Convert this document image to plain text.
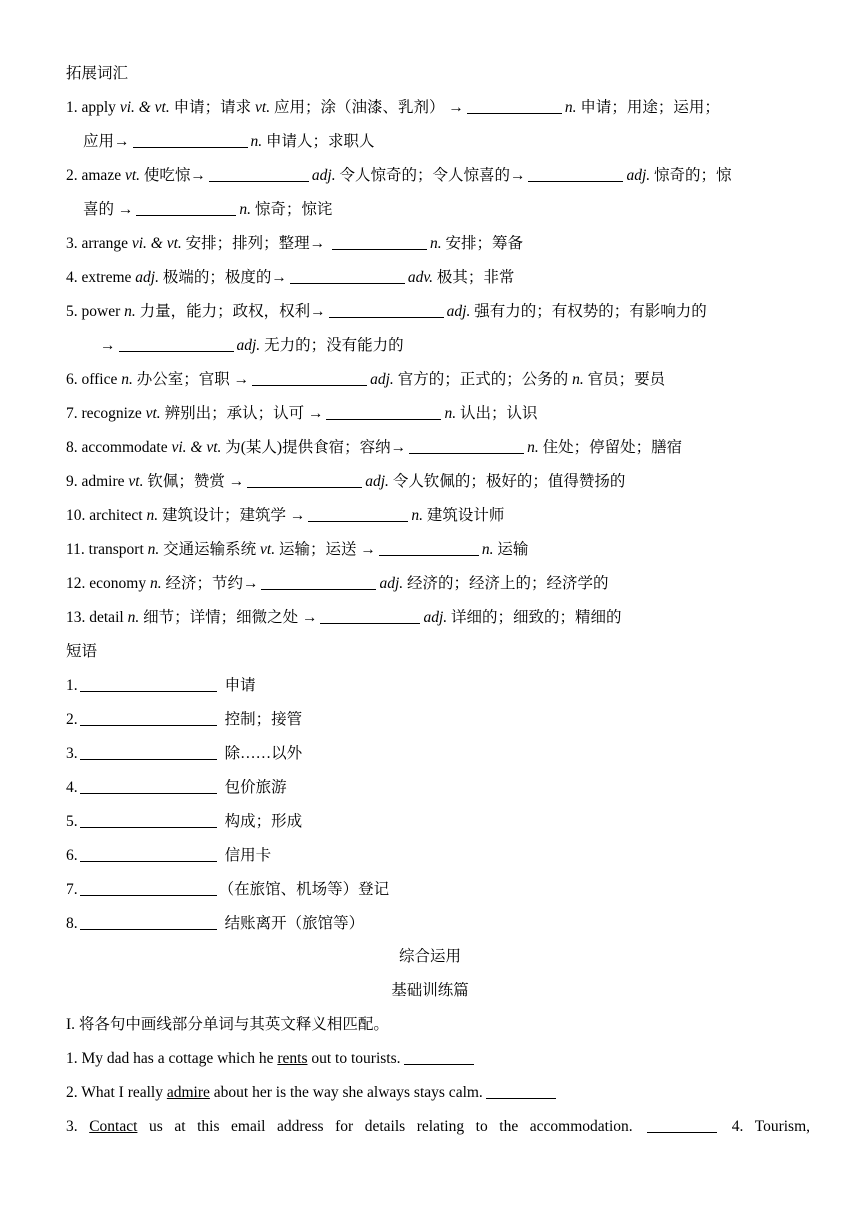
拓展词汇
1. apply vi. & vt. 申请；请求 vt. 应用；涂（油漆、乳剂） →	n. 申请；用途；运用；
应用→	n. 申请人；求职人
2. amaze vt. 使吃惊→	adj. 令人惊奇的；令人惊喜的→	adj. 惊奇的；惊
喜的 →	n. 惊奇；惊诧
3. arrange vi. & vt. 安排；排列；整理→	n. 安排；筹备
4. extreme adj. 极端的；极度的→	adv. 极其；非常
5. power n. 力量，能力；政权，权利→	adj. 强有力的；有权势的；有影响力的
→	adj. 无力的；没有能力的
6. office n. 办公室；官职 →	adj. 官方的；正式的；公务的 n. 官员；要员
7. recognize vt. 辨别出；承认；认可 →	n. 认出；认识
8. accommodate vi. & vt. 为(某人)提供食宿；容纳→	n. 住处；停留处；膳宿
9. admire vt. 钦佩；赞赏 →	adj. 令人钦佩的；极好的；值得赞扬的
10. architect n. 建筑设计；建筑学 →	n. 建筑设计师
11. transport n. 交通运输系统 vt. 运输；运送 →	n. 运输
12. economy n. 经济；节约→	adj. 经济的；经济上的；经济学的
13. detail n. 细节；详情；细微之处 →	adj. 详细的；细致的；精细的
短语
1.	申请
2.	控制；接管
3.	除……以外
4.	包价旅游
5.	构成；形成
6.	信用卡
7.	（在旅馆、机场等）登记
8.	结账离开（旅馆等）
综合运用
基础训练篇
I. 将各句中画线部分单词与其英文释义相匹配。
1. My dad has a cottage which he rents out to tourists.
2. What I really admire about her is the way she always stays calm.
3. Contact us at this email address for details relating to the accommodation.	4. Tourism,
